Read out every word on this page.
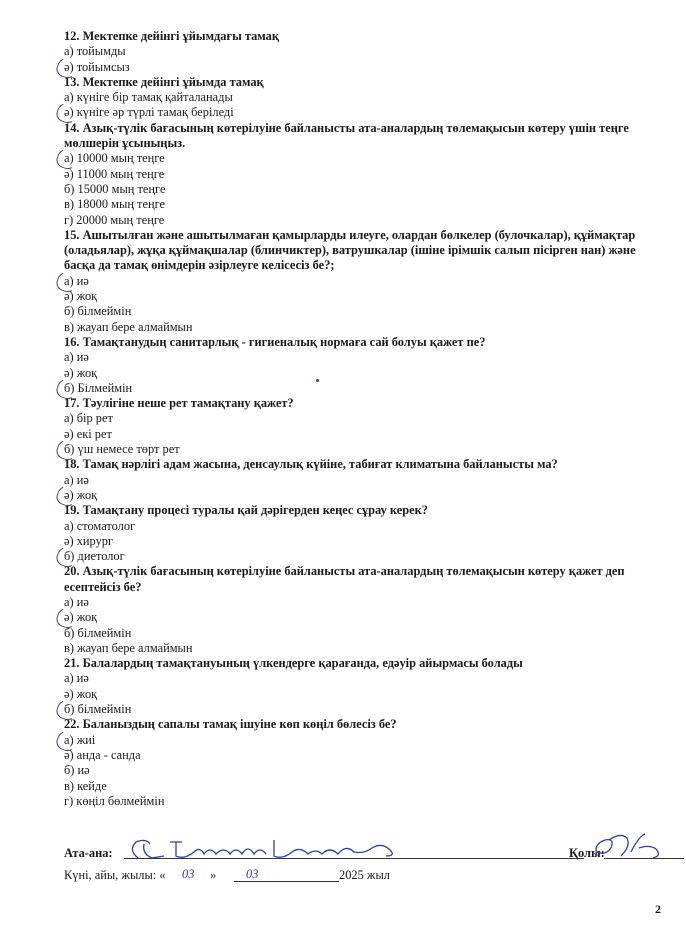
12. Мектепке дейінгі ұйымдағы тамақ
а) тойымды
ә) тойымсыз
13. Мектепке дейінгі ұйымда тамақ
а) күніге бір тамақ қайталанады
ә) күніге әр түрлі тамақ беріледі
14. Азық-түлік бағасының көтерілуіне байланысты ата-аналардың төлемақысын көтеру үшін теңге мөлшерін ұсыныңыз.
а) 10000 мың теңге
ә) 11000 мың теңге
б) 15000 мың теңге
в) 18000 мың теңге
г) 20000 мың теңге
15. Ашытылған және ашытылмаған қамырларды илеуге, олардан бөлкелер (булочкалар), құймақтар (оладьялар), жұқа құймақшалар (блинчиктер), ватрушкалар (ішіне ірімшік салып пісірген нан) және басқа да тамақ өнімдерін әзірлеуге келісесіз бе?;
а) иә
ә) жоқ
б) білмеймін
в) жауап бере алмаймын
16. Тамақтанудың санитарлық - гигиеналық нормаға сай болуы қажет пе?
а) иә
ә) жоқ
б) Білмеймін
17. Тәулігіне неше рет тамақтану қажет?
а) бір рет
ә) екі рет
б) үш немесе төрт рет
18. Тамақ нәрлігі адам жасына, денсаулық күйіне, табиғат климатына байланысты ма?
а) иә
ә) жоқ
19. Тамақтану процесі туралы қай дәрігерден кеңес сұрау керек?
а) стоматолог
ә) хирург
б) диетолог
20. Азық-түлік бағасының көтерілуіне байланысты ата-аналардың төлемақысын көтеру қажет деп есептейсіз бе?
а) иә
ә) жоқ
б) білмеймін
в) жауап бере алмаймын
21. Балалардың тамақтануының үлкендерге қарағанда, едәуір айырмасы болады
а) иә
ә) жоқ
б) білмеймін
22. Баланыздың сапалы тамақ ішуіне көп көңіл бөлесіз бе?
а) жиі
ә) анда - санда
б) иә
в) кейде
г) көңіл бөлмеймін
Ата-ана:	Қолы:
Күні, айы, жылы: « 03 » 03	2025 жыл
2
